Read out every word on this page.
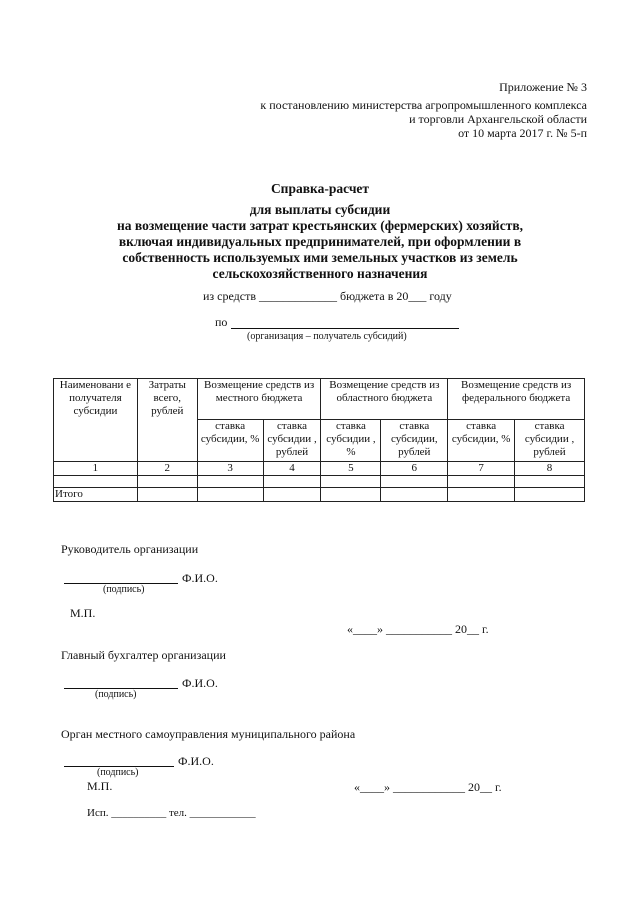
Приложение № 3
к постановлению министерства агропромышленного комплекса
и торговли Архангельской области
от 10 марта 2017 г. № 5-п
Справка-расчет
для выплаты субсидии
на возмещение части затрат крестьянских (фермерских) хозяйств,
включая индивидуальных предпринимателей, при оформлении в
собственность используемых ими земельных участков из земель
сельскохозяйственного назначения
из средств _____________ бюджета в 20___ году
по
(организация – получатель субсидий)
Наименовани е получателя субсидии	Затраты всего, рублей	Возмещение средств из местного бюджета		Возмещение средств из областного бюджета		Возмещение средств из федерального бюджета	
		ставка субсидии, %	ставка субсидии , рублей	ставка субсидии , %	ставка субсидии, рублей	ставка субсидии, %	ставка субсидии , рублей
1	2	3	4	5	6	7	8

Итого							
Руководитель организации
Ф.И.О.
(подпись)
М.П.
«____» ___________ 20__ г.
Главный бухгалтер организации
Ф.И.О.
(подпись)
Орган местного самоуправления муниципального района
Ф.И.О.
(подпись)
М.П.	«____» ____________ 20__ г.
Исп. __________ тел. ____________
